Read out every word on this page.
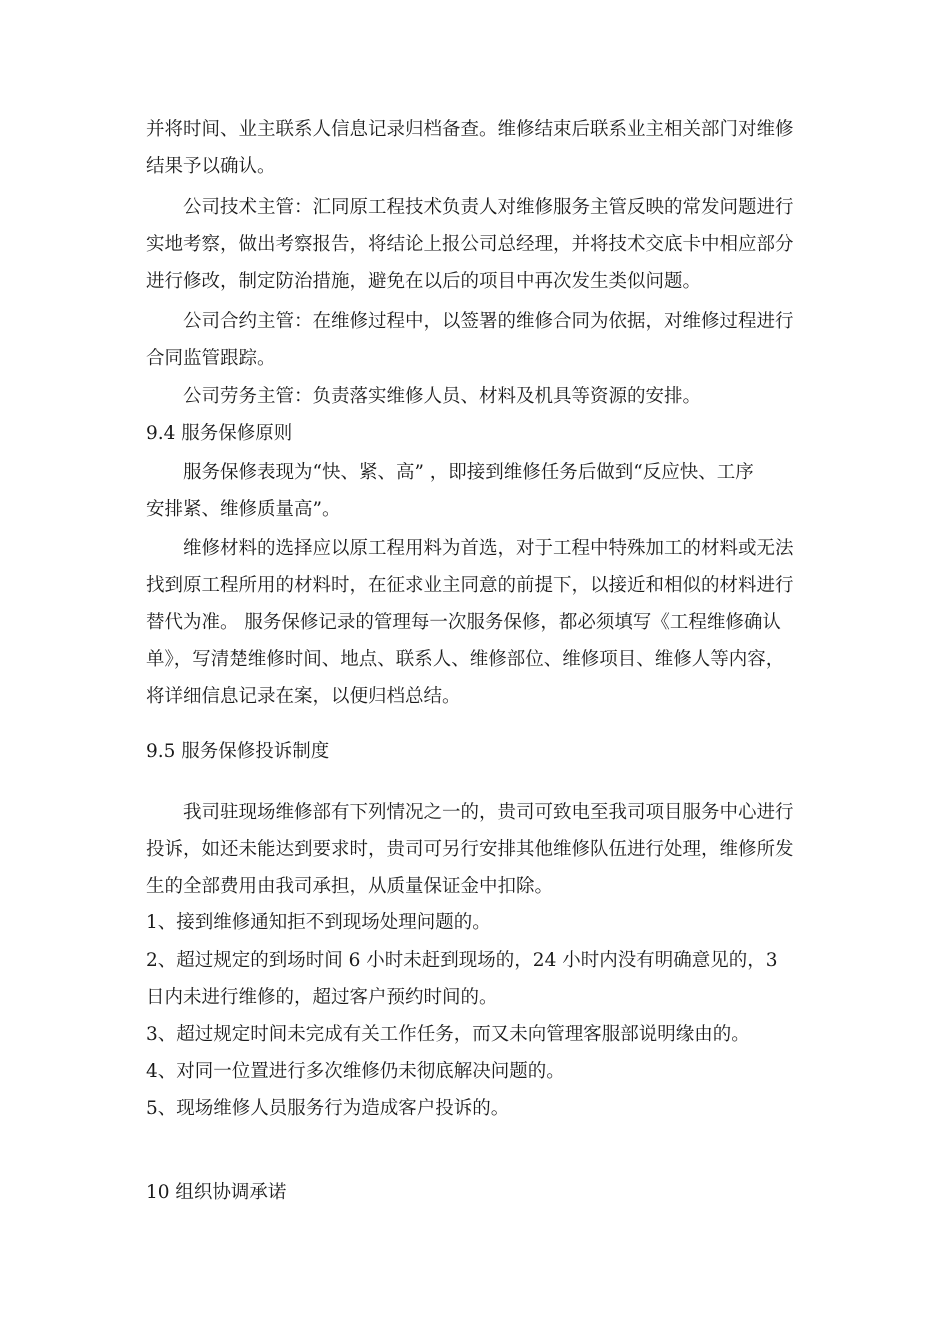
并将时间、业主联系人信息记录归档备查。维修结束后联系业主相关部门对维修
结果予以确认。
公司技术主管：汇同原工程技术负责人对维修服务主管反映的常发问题进行
实地考察，做出考察报告，将结论上报公司总经理，并将技术交底卡中相应部分
进行修改，制定防治措施，避免在以后的项目中再次发生类似问题。
公司合约主管：在维修过程中，以签署的维修合同为依据，对维修过程进行
合同监管跟踪。
公司劳务主管：负责落实维修人员、材料及机具等资源的安排。
9.4 服务保修原则
服务保修表现为“快、紧、高” ，即接到维修任务后做到“反应快、工序
安排紧、维修质量高”。
维修材料的选择应以原工程用料为首选，对于工程中特殊加工的材料或无法
找到原工程所用的材料时，在征求业主同意的前提下，以接近和相似的材料进行
替代为准。 服务保修记录的管理每一次服务保修，都必须填写《工程维修确认
单》，写清楚维修时间、地点、联系人、维修部位、维修项目、维修人等内容，
将详细信息记录在案，以便归档总结。
9.5 服务保修投诉制度
我司驻现场维修部有下列情况之一的，贵司可致电至我司项目服务中心进行
投诉，如还未能达到要求时，贵司可另行安排其他维修队伍进行处理，维修所发
生的全部费用由我司承担，从质量保证金中扣除。
1、接到维修通知拒不到现场处理问题的。
2、超过规定的到场时间 6 小时未赶到现场的，24 小时内没有明确意见的，3
日内未进行维修的，超过客户预约时间的。
3、超过规定时间未完成有关工作任务，而又未向管理客服部说明缘由的。
4、对同一位置进行多次维修仍未彻底解决问题的。
5、现场维修人员服务行为造成客户投诉的。
10 组织协调承诺
